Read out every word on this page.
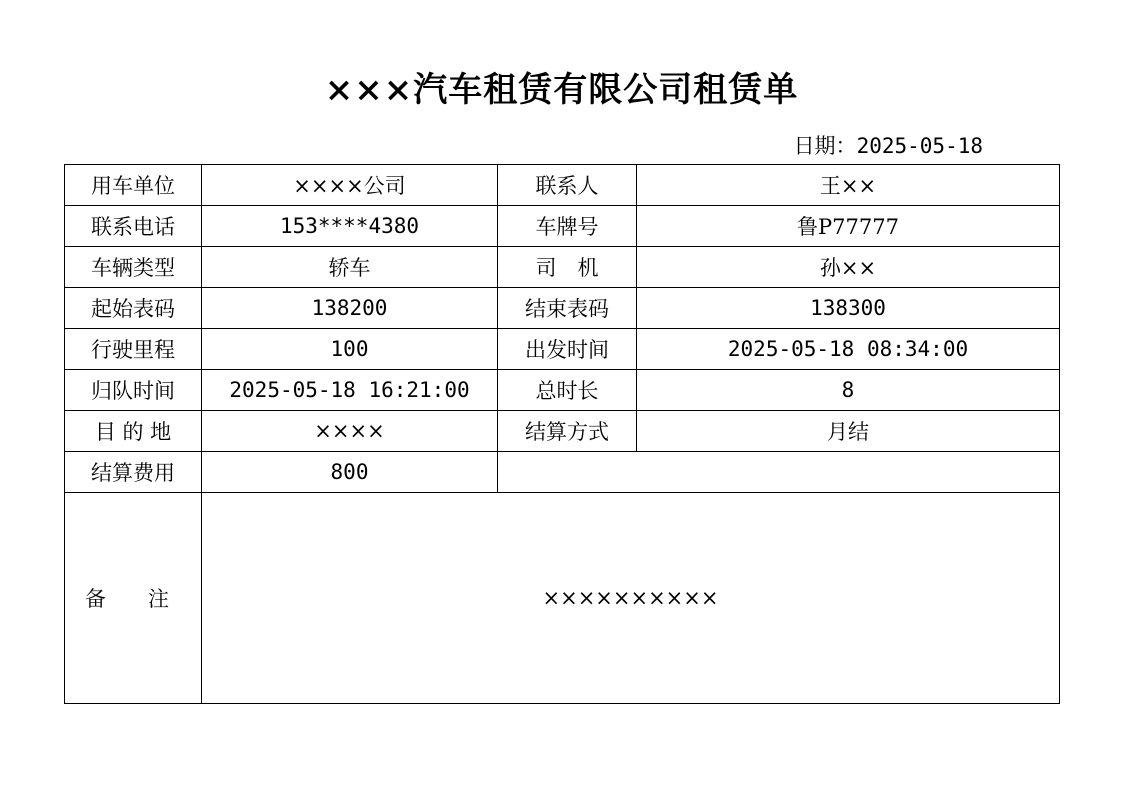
×××汽车租赁有限公司租赁单
日期：2025-05-18
用车单位	××××公司	联系人	王××
联系电话	153****4380	车牌号	鲁P77777
车辆类型	轿车	司　机	孙××
起始表码	138200	结束表码	138300
行驶里程	100	出发时间	2025-05-18 08:34:00
归队时间	2025-05-18 16:21:00	总时长	8
目 的 地	××××	结算方式	月结
结算费用	800		
备　　注	××××××××××		
